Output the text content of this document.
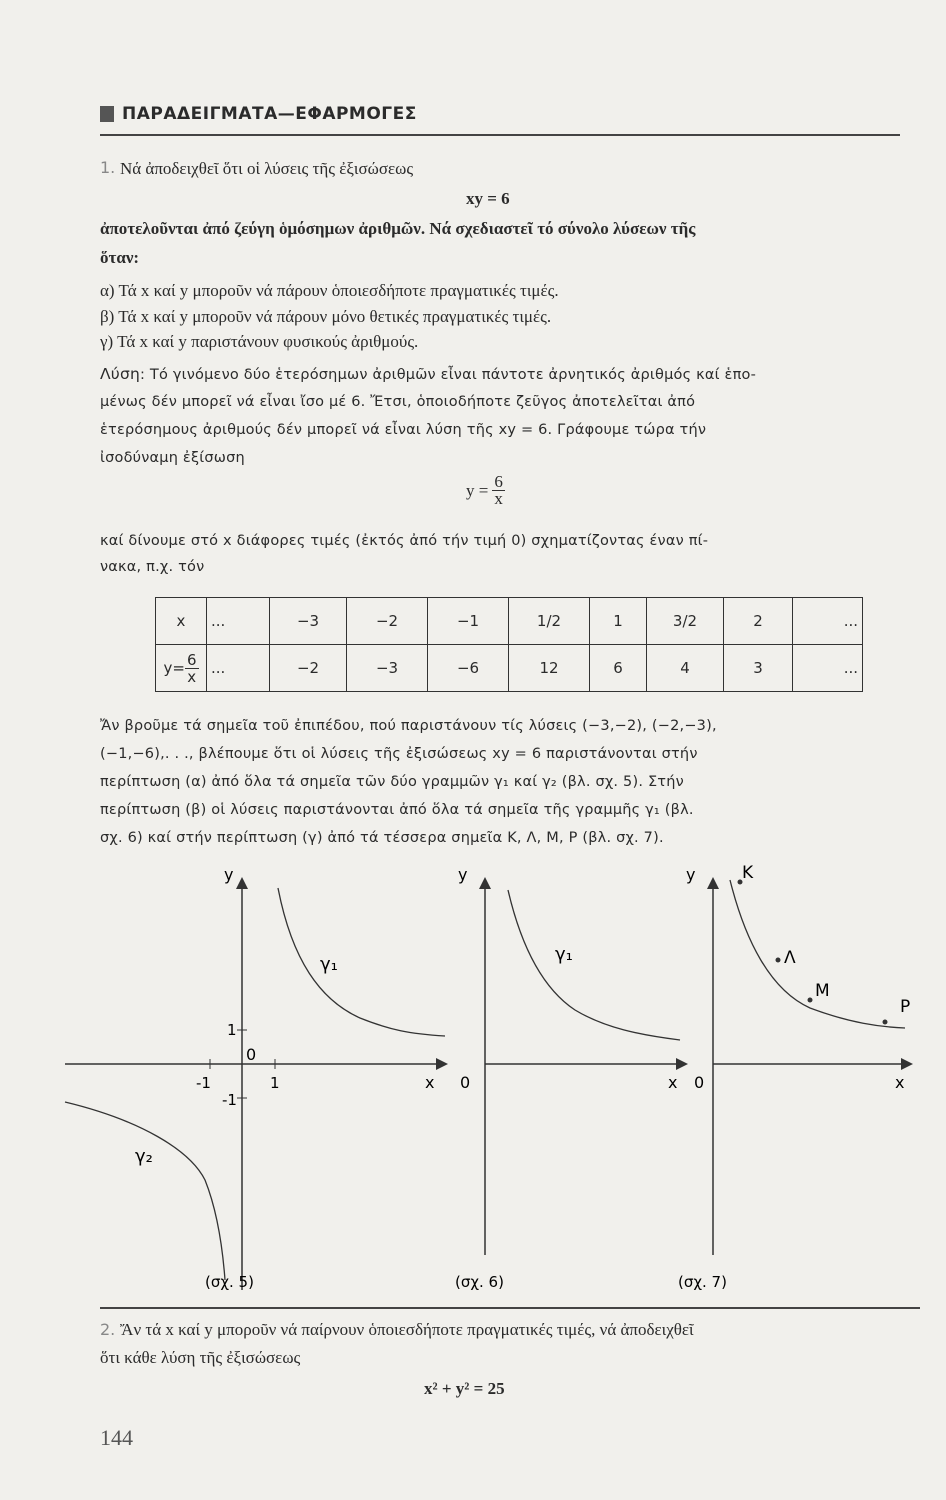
ΠΑΡΑΔΕΙΓΜΑΤΑ—ΕΦΑΡΜΟΓΕΣ
1. Νά ἀποδειχθεῖ ὅτι οἱ λύσεις τῆς ἐξισώσεως
xy = 6
ἀποτελοῦνται ἀπό ζεύγη ὁμόσημων ἀριθμῶν. Νά σχεδιαστεῖ τό σύνολο λύσεων τῆς
ὅταν:
α) Τά x καί y μποροῦν νά πάρουν ὁποιεσδήποτε πραγματικές τιμές.
β) Τά x καί y μποροῦν νά πάρουν μόνο θετικές πραγματικές τιμές.
γ) Τά x καί y παριστάνουν φυσικούς ἀριθμούς.
Λύση: Τό γινόμενο δύο ἑτερόσημων ἀριθμῶν εἶναι πάντοτε ἀρνητικός ἀριθμός καί ἑπο-
μένως δέν μπορεῖ νά εἶναι ἴσο μέ 6. Ἔτσι, ὁποιοδήποτε ζεῦγος ἀποτελεῖται ἀπό
ἑτερόσημους ἀριθμούς δέν μπορεῖ νά εἶναι λύση τῆς xy = 6. Γράφουμε τώρα τήν
ἰσοδύναμη ἐξίσωση
$y = \frac{6}{x}$
καί δίνουμε στό x διάφορες τιμές (ἐκτός ἀπό τήν τιμή 0) σχηματίζοντας έναν πί-
νακα, π.χ. τόν
x	...	−3	−2	−1	1/2	1	3/2	2	...
$y= \frac{6}{x}$	...	−2	−3	−6	12	6	4	3	...
Ἄν βροῦμε τά σημεῖα τοῦ ἐπιπέδου, πού παριστάνουν τίς λύσεις (−3,−2), (−2,−3),
(−1,−6),. . ., βλέπουμε ὅτι οἱ λύσεις τῆς ἐξισώσεως xy = 6 παριστάνονται στήν
περίπτωση (α) ἀπό ὅλα τά σημεῖα τῶν δύο γραμμῶν γ₁ καί γ₂ (βλ. σχ. 5). Στήν
περίπτωση (β) οἱ λύσεις παριστάνονται ἀπό ὅλα τά σημεῖα τῆς γραμμῆς γ₁ (βλ.
σχ. 6) καί στήν περίπτωση (γ) ἀπό τά τέσσερα σημεῖα Κ, Λ, Μ, Ρ (βλ. σχ. 7).
y
x
0
1
-1
-1	1
γ₁
γ₂
(σχ. 5)
y
x
0
γ₁
(σχ. 6)
y
x
0
K
Λ
M
P
(σχ. 7)
2. Ἄν τά x καί y μποροῦν νά παίρνουν ὁποιεσδήποτε πραγματικές τιμές, νά ἀποδειχθεῖ
ὅτι κάθε λύση τῆς ἐξισώσεως
x² + y² = 25
144
